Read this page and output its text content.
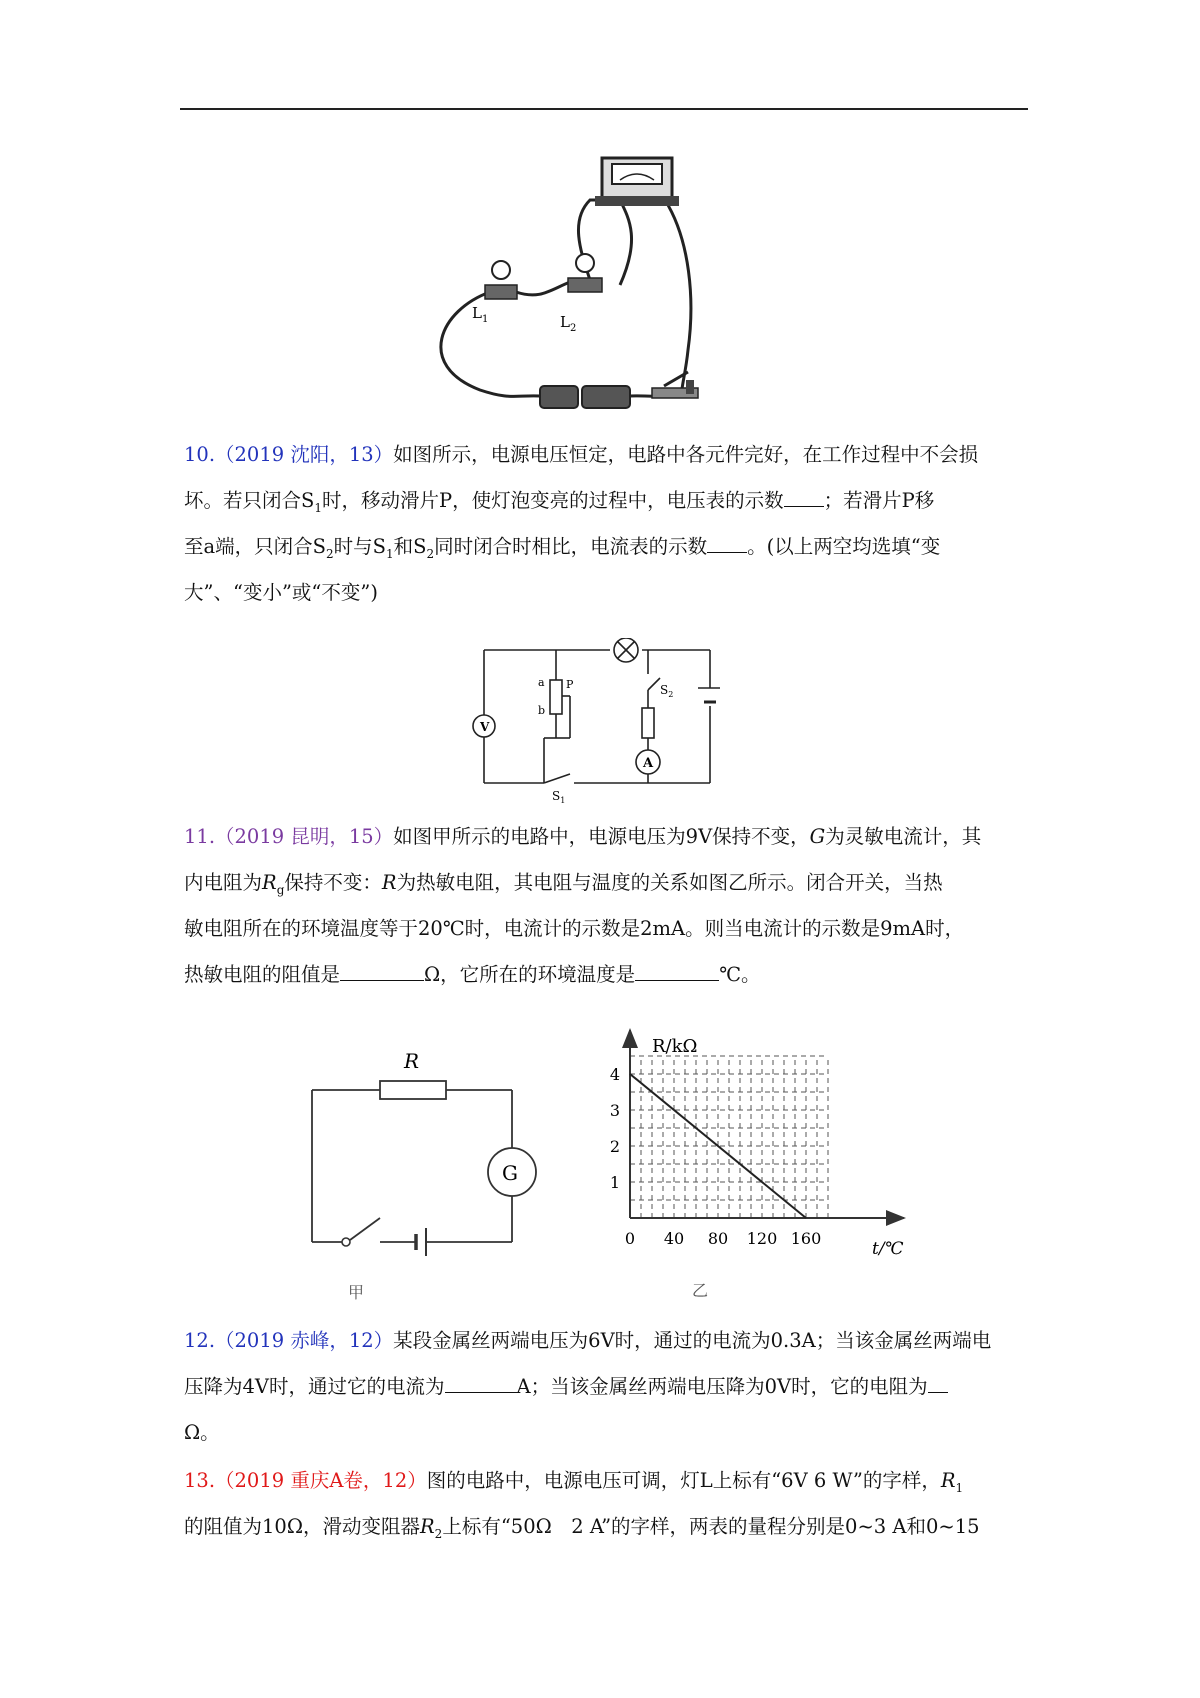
$L_1$	$L_2$
10.（2019 沈阳，13）如图所示，电源电压恒定，电路中各元件完好，在工作过程中不会损
坏。若只闭合$S_1$时，移动滑片P，使灯泡变亮的过程中，电压表的示数 ；若滑片P移
至a端，只闭合$S_2$时与$S_1$和$S_2$同时闭合时相比，电流表的示数 。(以上两空均选填“变
大”、“变小”或“不变”)
V
A
a
b
P	$S_2$
$S_1$
11.（2019 昆明，15）如图甲所示的电路中，电源电压为9V保持不变，G为灵敏电流计，其
内电阻为$R_g$保持不变：R为热敏电阻，其电阻与温度的关系如图乙所示。闭合开关，当热
敏电阻所在的环境温度等于20℃时，电流计的示数是2mA。则当电流计的示数是9mA时，
热敏电阻的阻值是	Ω，它所在的环境温度是	℃。
R
G
甲
0 40 80 120 160
1
2
3
4
R/kΩ
t/℃
乙
12.（2019 赤峰，12）某段金属丝两端电压为6V时，通过的电流为0.3A；当该金属丝两端电
压降为4V时，通过它的电流为	A；当该金属丝两端电压降为0V时，它的电阻为
Ω。
13.（2019 重庆A卷，12）图的电路中，电源电压可调，灯L上标有“6V 6 W”的字样，$R_1$
的阻值为10Ω，滑动变阻器$R_2$上标有“50Ω　2 A”的字样，两表的量程分别是0~3 A和0~15
